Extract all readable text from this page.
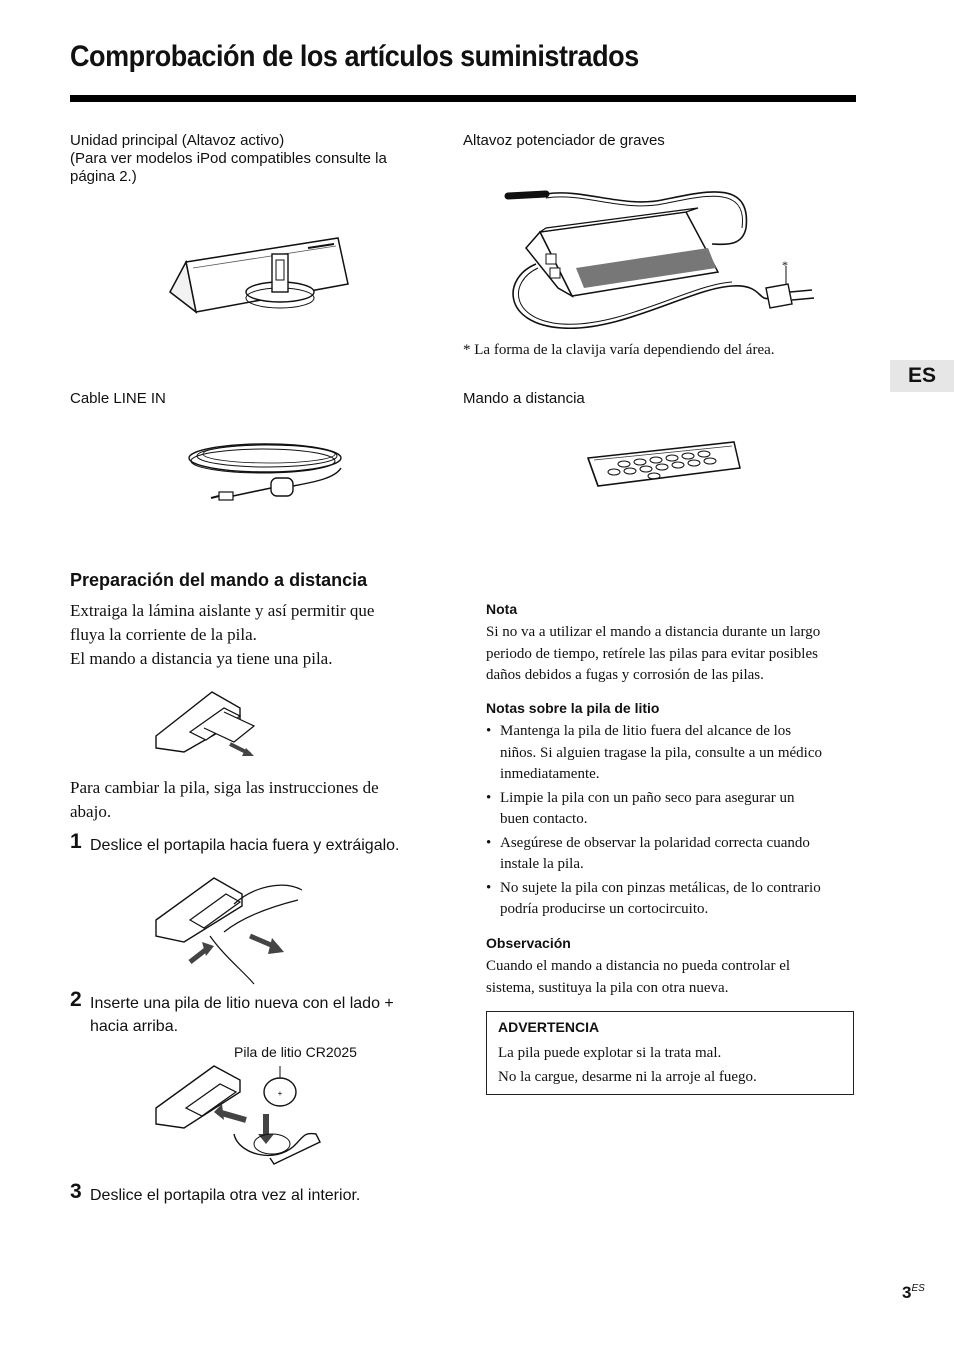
Comprobación de los artículos suministrados
ES
Unidad principal (Altavoz activo)
(Para ver modelos iPod compatibles consulte la
página 2.)
Altavoz potenciador de graves
*
* La forma de la clavija varía dependiendo del área.
Cable LINE IN	Mando a distancia
Preparación del mando a distancia
Extraiga la lámina aislante y así permitir que
fluya la corriente de la pila.
El mando a distancia ya tiene una pila.
Para cambiar la pila, siga las instrucciones de
abajo.
1 Deslice el portapila hacia fuera y extráigalo.
2 Inserte una pila de litio nueva con el lado +
hacia arriba.
Pila de litio CR2025
+
3 Deslice el portapila otra vez al interior.
Nota
Si no va a utilizar el mando a distancia durante un largo
periodo de tiempo, retírele las pilas para evitar posibles
daños debidos a fugas y corrosión de las pilas.
Notas sobre la pila de litio
• Mantenga la pila de litio fuera del alcance de los
niños. Si alguien tragase la pila, consulte a un médico
inmediatamente.
• Limpie la pila con un paño seco para asegurar un
buen contacto.
• Asegúrese de observar la polaridad correcta cuando
instale la pila.
• No sujete la pila con pinzas metálicas, de lo contrario
podría producirse un cortocircuito.
Observación
Cuando el mando a distancia no pueda controlar el
sistema, sustituya la pila con otra nueva.
ADVERTENCIA
La pila puede explotar si la trata mal.
No la cargue, desarme ni la arroje al fuego.
$3^{ES}$
